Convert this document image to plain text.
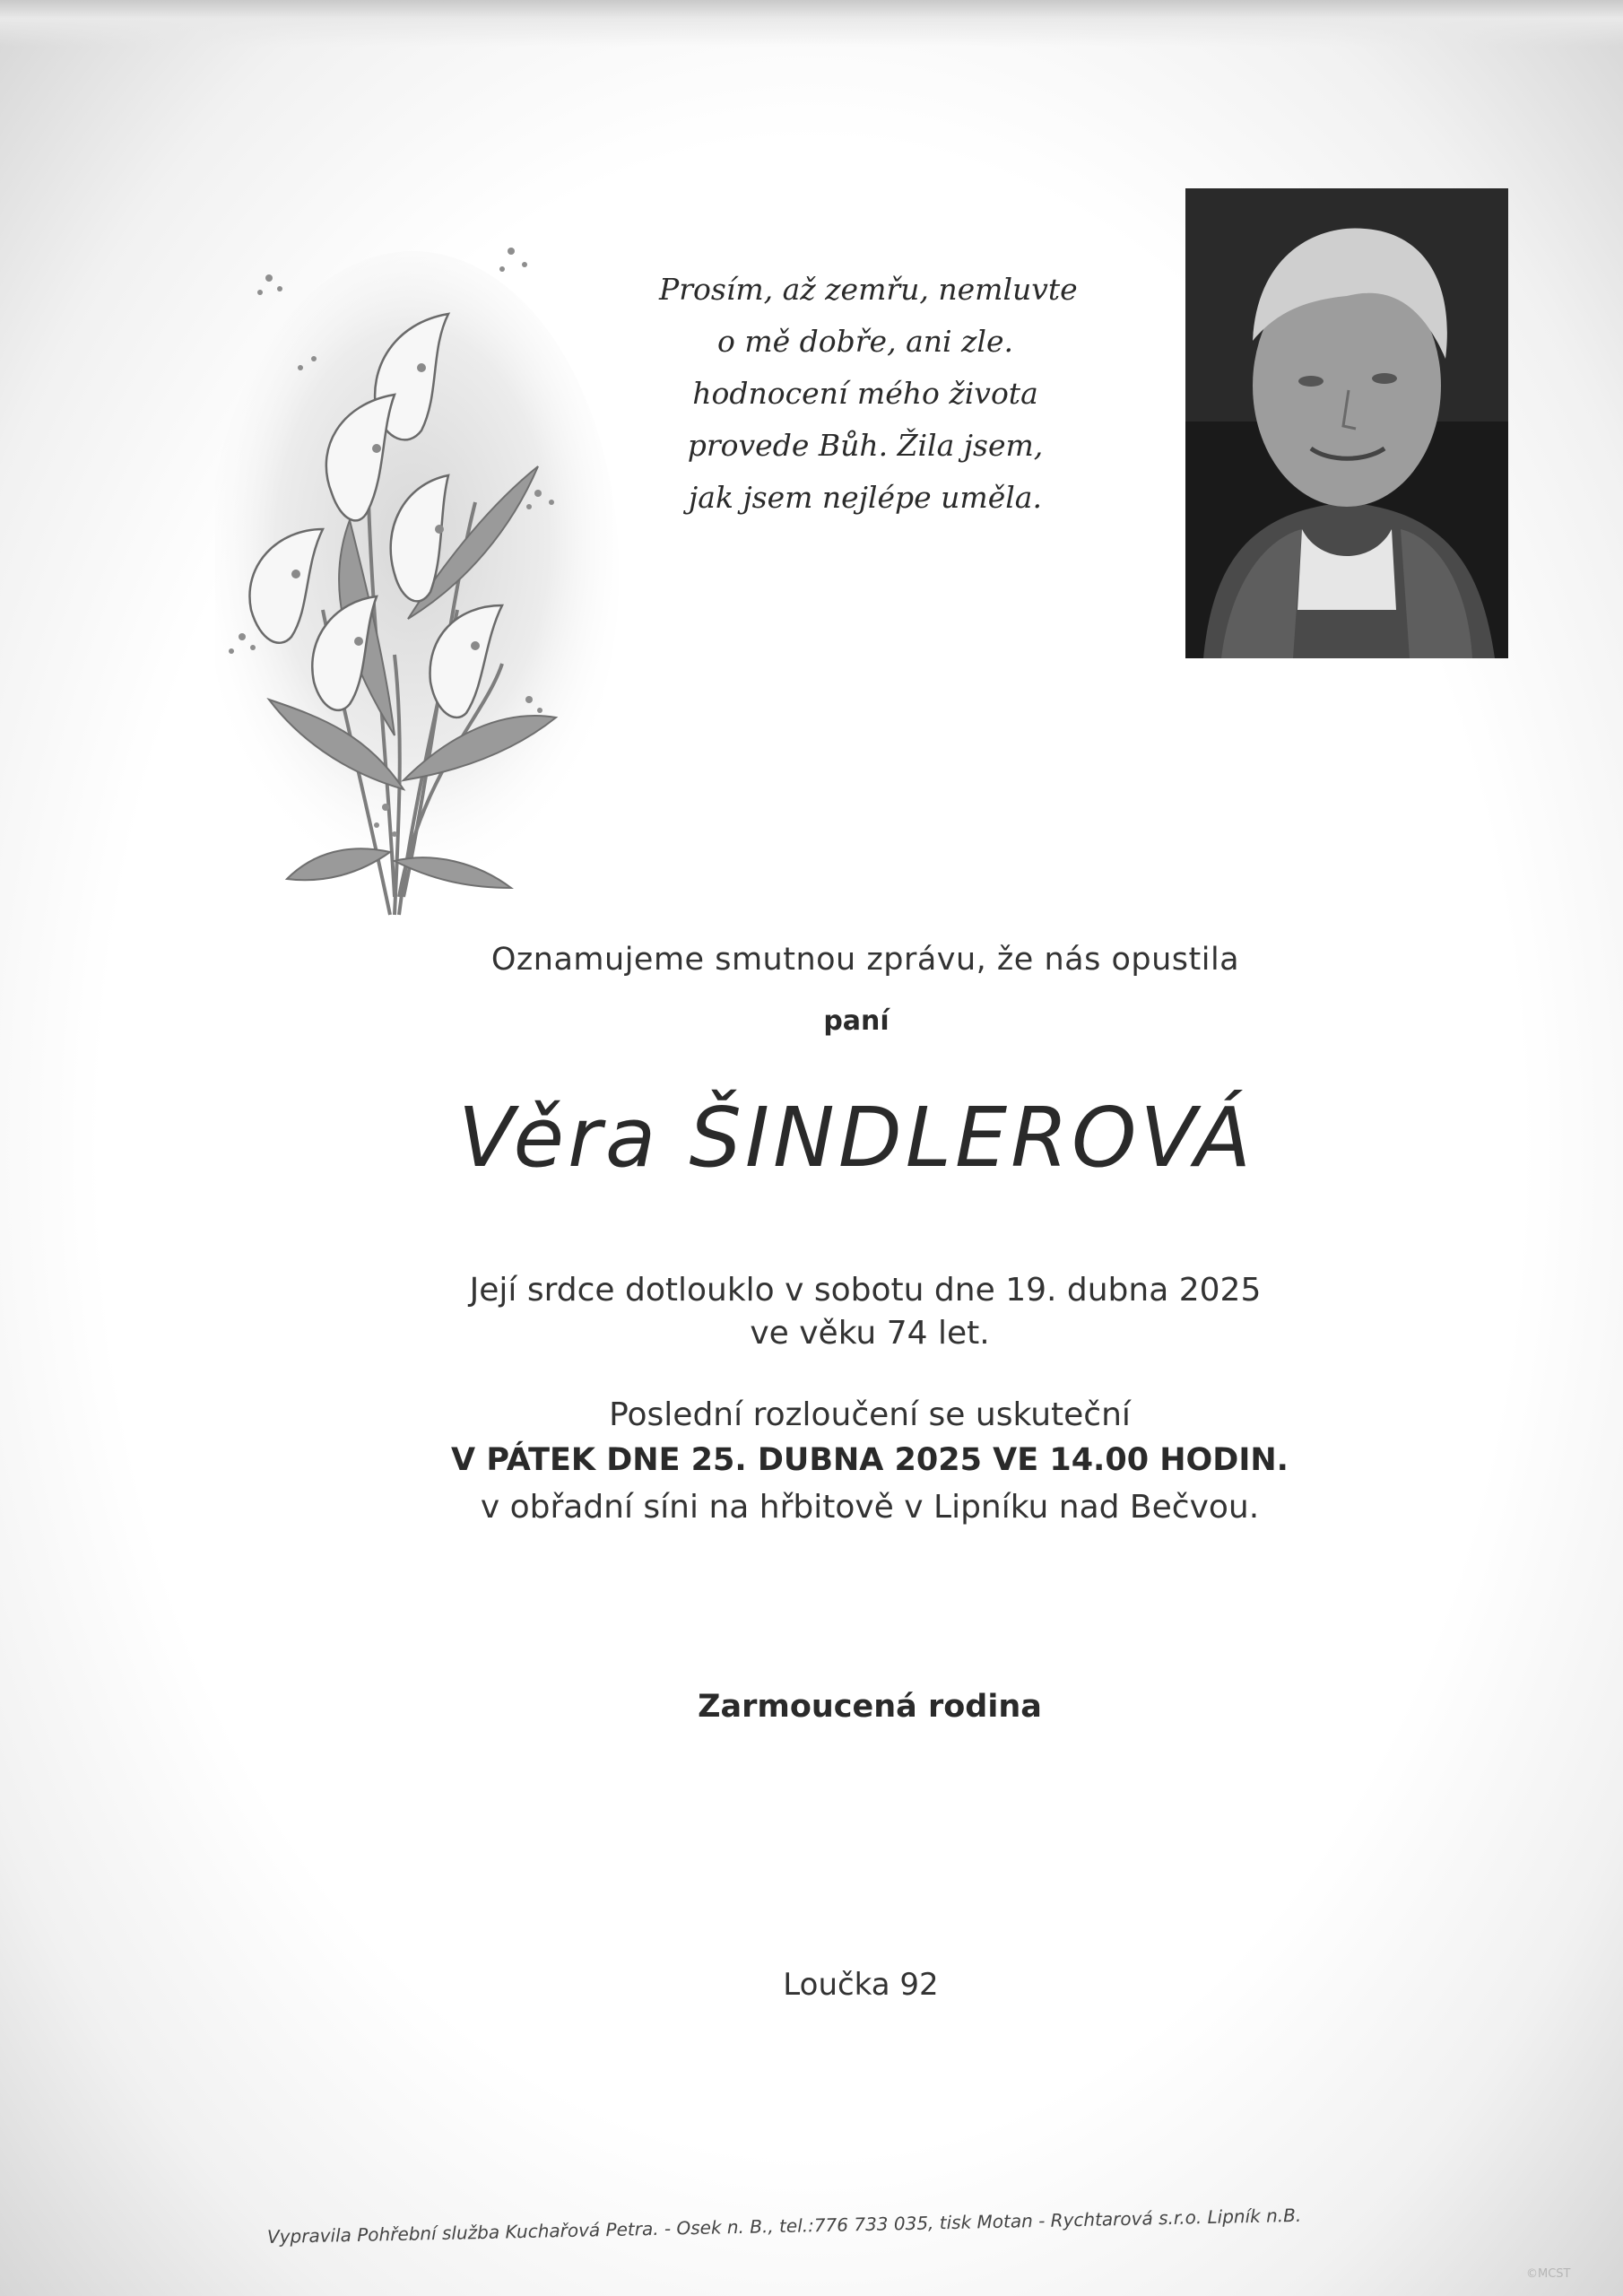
Prosím, až zemřu, nemluvte
o mě dobře, ani zle.
hodnocení mého života
provede Bůh. Žila jsem,
jak jsem nejlépe uměla.
Oznamujeme smutnou zprávu, že nás opustila
paní
Věra ŠINDLEROVÁ
Její srdce dotlouklo v sobotu dne 19. dubna 2025
ve věku 74 let.
Poslední rozloučení se uskuteční
V PÁTEK DNE 25. DUBNA 2025 VE 14.00 HODIN.
v obřadní síni na hřbitově v Lipníku nad Bečvou.
Zarmoucená rodina
Loučka 92
Vypravila Pohřební služba Kuchařová Petra. - Osek n. B., tel.:776 733 035, tisk Motan - Rychtarová s.r.o. Lipník n.B.
©MCST
